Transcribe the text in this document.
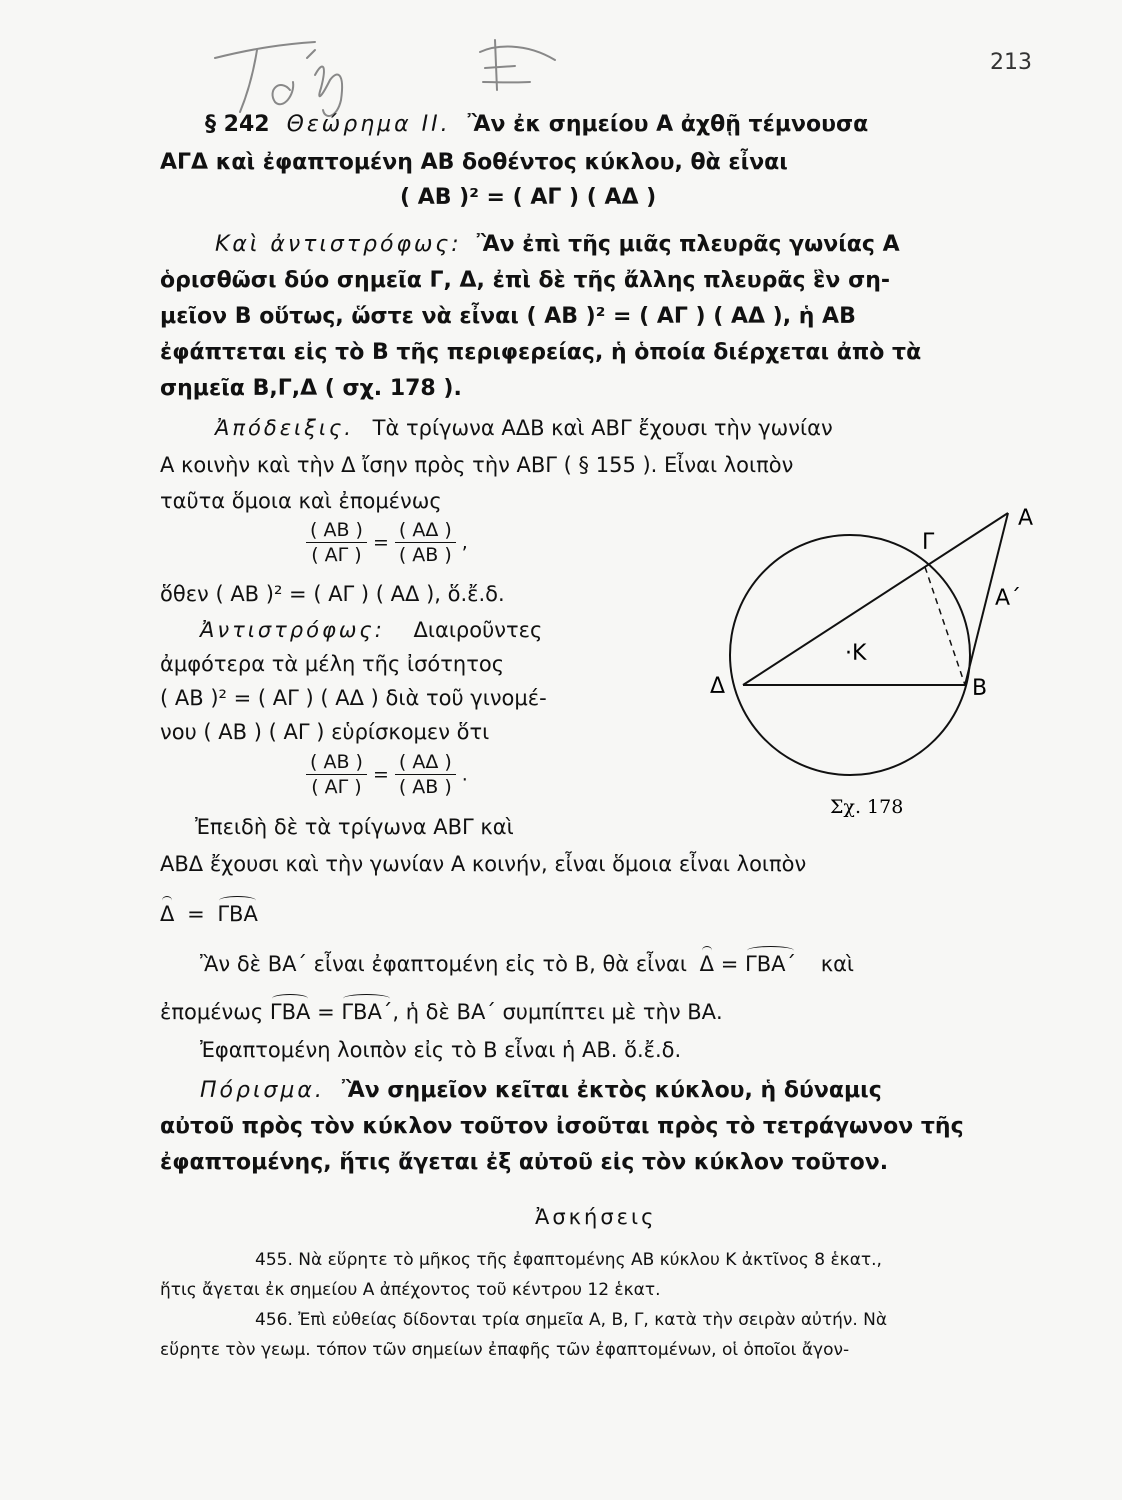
213
§ 242 Θεώρημα ΙΙ. Ἂν ἐκ σημείου Α ἀχθῇ τέμνουσα
ΑΓΔ καὶ ἐφαπτομένη ΑΒ δοθέντος κύκλου, θὰ εἶναι
( ΑΒ )² = ( ΑΓ ) ( ΑΔ )
Καὶ ἀντιστρόφως: Ἂν ἐπὶ τῆς μιᾶς πλευρᾶς γωνίας Α
ὁρισθῶσι δύο σημεῖα Γ, Δ, ἐπὶ δὲ τῆς ἄλλης πλευρᾶς ἓν ση-
μεῖον Β οὕτως, ὥστε νὰ εἶναι ( ΑΒ )² = ( ΑΓ ) ( ΑΔ ), ἡ ΑΒ
ἐφάπτεται εἰς τὸ Β τῆς περιφερείας, ἡ ὁποία διέρχεται ἀπὸ τὰ
σημεῖα Β,Γ,Δ ( σχ. 178 ).
Ἀπόδειξις. Τὰ τρίγωνα ΑΔΒ καὶ ΑΒΓ ἔχουσι τὴν γωνίαν
Α κοινὴν καὶ τὴν Δ ἴσην πρὸς τὴν ΑΒΓ ( § 155 ). Εἶναι λοιπὸν
ταῦτα ὅμοια καὶ ἐπομένως
$\frac{( AB )}{( A\Gamma )} = \frac{( A\Delta )}{( AB )}$ ,
ὅθεν ( ΑΒ )² = ( ΑΓ ) ( ΑΔ ), ὅ.ἔ.δ.
Ἀντιστρόφως: Διαιροῦντες
ἀμφότερα τὰ μέλη τῆς ἰσότητος
( ΑΒ )² = ( ΑΓ ) ( ΑΔ ) διὰ τοῦ γινομέ-
νου ( ΑΒ ) ( ΑΓ ) εὑρίσκομεν ὅτι
$\frac{( AB )}{( A\Gamma )} = \frac{( A\Delta )}{( AB )}$ .
Ἐπειδὴ δὲ τὰ τρίγωνα ΑΒΓ καὶ
ΑΒΔ ἔχουσι καὶ τὴν γωνίαν Α κοινήν, εἶναι ὅμοια εἶναι λοιπὸν
Δ = ΓΒΑ
Ἂν δὲ ΒΑ΄ εἶναι ἐφαπτομένη εἰς τὸ Β, θὰ εἶναι Δ = ΓΒΑ΄ καὶ
ἐπομένως ΓΒΑ = ΓΒΑ΄, ἡ δὲ ΒΑ΄ συμπίπτει μὲ τὴν ΒΑ.
Ἐφαπτομένη λοιπὸν εἰς τὸ Β εἶναι ἡ ΑΒ. ὅ.ἔ.δ.
Πόρισμα. Ἂν σημεῖον κεῖται ἐκτὸς κύκλου, ἡ δύναμις
αὐτοῦ πρὸς τὸν κύκλον τοῦτον ἰσοῦται πρὸς τὸ τετράγωνον τῆς
ἐφαπτομένης, ἥτις ἄγεται ἐξ αὐτοῦ εἰς τὸν κύκλον τοῦτον.
Ἀσκήσεις
455. Νὰ εὕρητε τὸ μῆκος τῆς ἐφαπτομένης ΑΒ κύκλου Κ ἀκτῖνος 8 ἑκατ.,
ἥτις ἄγεται ἐκ σημείου Α ἀπέχοντος τοῦ κέντρου 12 ἑκατ.
456. Ἐπὶ εὐθείας δίδονται τρία σημεῖα Α, Β, Γ, κατὰ τὴν σειρὰν αὐτήν. Νὰ
εὕρητε τὸν γεωμ. τόπον τῶν σημείων ἐπαφῆς τῶν ἐφαπτομένων, οἱ ὁποῖοι ἄγον-
Α
Α΄
Γ
Δ	Β
·Κ
Σχ. 178
